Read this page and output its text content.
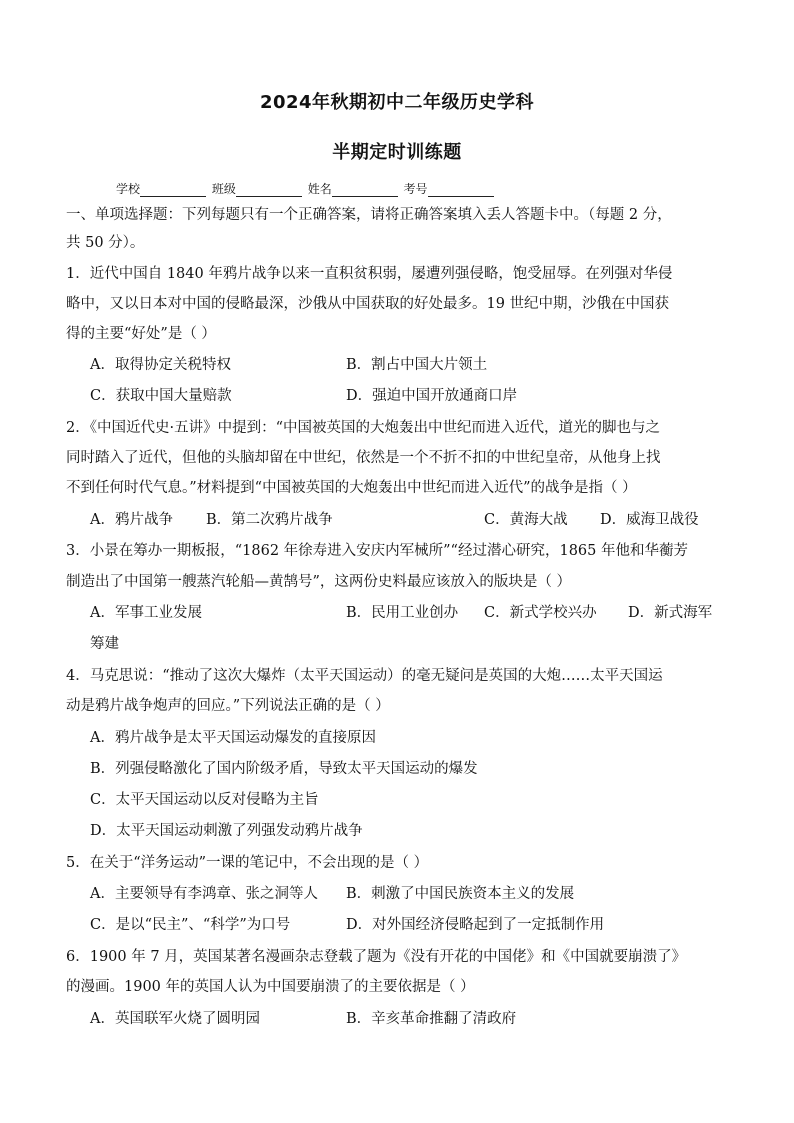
2024年秋期初中二年级历史学科
半期定时训练题
学校	班级	姓名	考号
一、单项选择题：下列每题只有一个正确答案，请将正确答案填入丢人答题卡中。（每题 2 分，
共 50 分）。
1．近代中国自 1840 年鸦片战争以来一直积贫积弱，屡遭列强侵略，饱受屈辱。在列强对华侵
略中，又以日本对中国的侵略最深，沙俄从中国获取的好处最多。19 世纪中期，沙俄在中国获
得的主要“好处”是（ ）
A．取得协定关税特权	B．割占中国大片领土
C．获取中国大量赔款	D．强迫中国开放通商口岸
2．《中国近代史·五讲》中提到：“中国被英国的大炮轰出中世纪而进入近代，道光的脚也与之
同时踏入了近代，但他的头脑却留在中世纪，依然是一个不折不扣的中世纪皇帝，从他身上找
不到任何时代气息。”材料提到“中国被英国的大炮轰出中世纪而进入近代”的战争是指（ ）
A．鸦片战争 B．第二次鸦片战争	C．黄海大战 D．威海卫战役
3．小景在筹办一期板报，“1862 年徐寿进入安庆内军械所”“经过潜心研究，1865 年他和华蘅芳
制造出了中国第一艘蒸汽轮船—黄鹄号”，这两份史料最应该放入的版块是（ ）
A．军事工业发展	B．民用工业创办 C．新式学校兴办 D．新式海军
筹建
4．马克思说：“推动了这次大爆炸（太平天国运动）的毫无疑问是英国的大炮……太平天国运
动是鸦片战争炮声的回应。”下列说法正确的是（ ）
A．鸦片战争是太平天国运动爆发的直接原因
B．列强侵略激化了国内阶级矛盾，导致太平天国运动的爆发
C．太平天国运动以反对侵略为主旨
D．太平天国运动刺激了列强发动鸦片战争
5．在关于“洋务运动”一课的笔记中，不会出现的是（ ）
A．主要领导有李鸿章、张之洞等人 B．刺激了中国民族资本主义的发展
C．是以“民主”、“科学”为口号	D．对外国经济侵略起到了一定抵制作用
6．1900 年 7 月，英国某著名漫画杂志登载了题为《没有开花的中国佬》和《中国就要崩溃了》
的漫画。1900 年的英国人认为中国要崩溃了的主要依据是（ ）
A．英国联军火烧了圆明园	B．辛亥革命推翻了清政府
